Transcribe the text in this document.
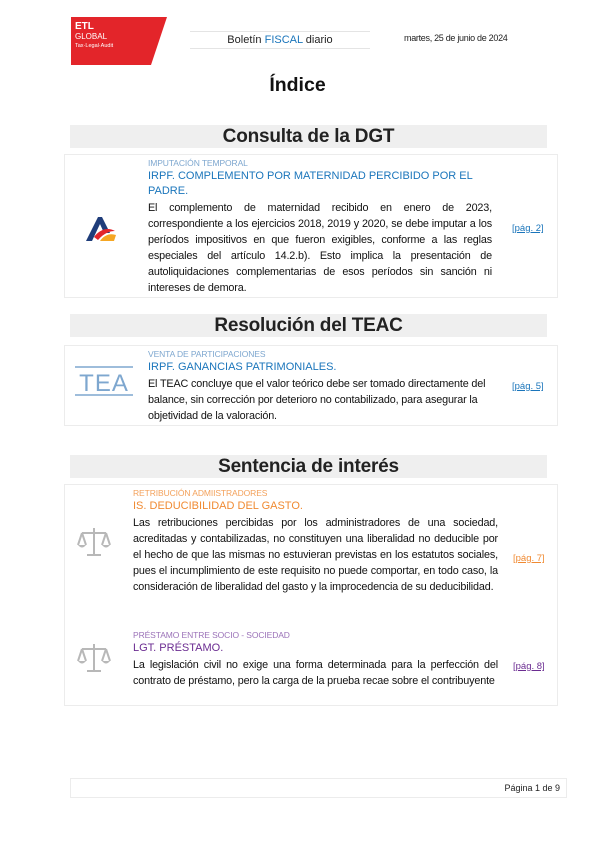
ETL
GLOBAL
Tax·Legal·Audit	Boletín FISCAL diario	martes, 25 de junio de 2024
Índice
Consulta de la DGT
IMPUTACIÓN TEMPORAL
IRPF. COMPLEMENTO POR MATERNIDAD PERCIBIDO POR EL PADRE.
El complemento de maternidad recibido en enero de 2023, correspondiente a los ejercicios 2018, 2019 y 2020, se debe imputar a los períodos impositivos en que fueron exigibles, conforme a las reglas especiales del artículo 14.2.b). Esto implica la presentación de autoliquidaciones complementarias de esos períodos sin sanción ni intereses de demora.
[pág. 2]
Resolución del TEAC
TEA
VENTA DE PARTICIPACIONES
IRPF. GANANCIAS PATRIMONIALES.
El TEAC concluye que el valor teórico debe ser tomado directamente del balance, sin corrección por deterioro no contabilizado, para asegurar la objetividad de la valoración.
[pág. 5]
Sentencia de interés
RETRIBUCIÓN ADMIISTRADORES
IS. DEDUCIBILIDAD DEL GASTO.
Las retribuciones percibidas por los administradores de una sociedad, acreditadas y contabilizadas, no constituyen una liberalidad no deducible por el hecho de que las mismas no estuvieran previstas en los estatutos sociales, pues el incumplimiento de este requisito no puede comportar, en todo caso, la consideración de liberalidad del gasto y la improcedencia de su deducibilidad.
[pág. 7]
PRÉSTAMO ENTRE SOCIO - SOCIEDAD
LGT. PRÉSTAMO.
La legislación civil no exige una forma determinada para la perfección del contrato de préstamo, pero la carga de la prueba recae sobre el contribuyente
[pág. 8]
Página 1 de 9
